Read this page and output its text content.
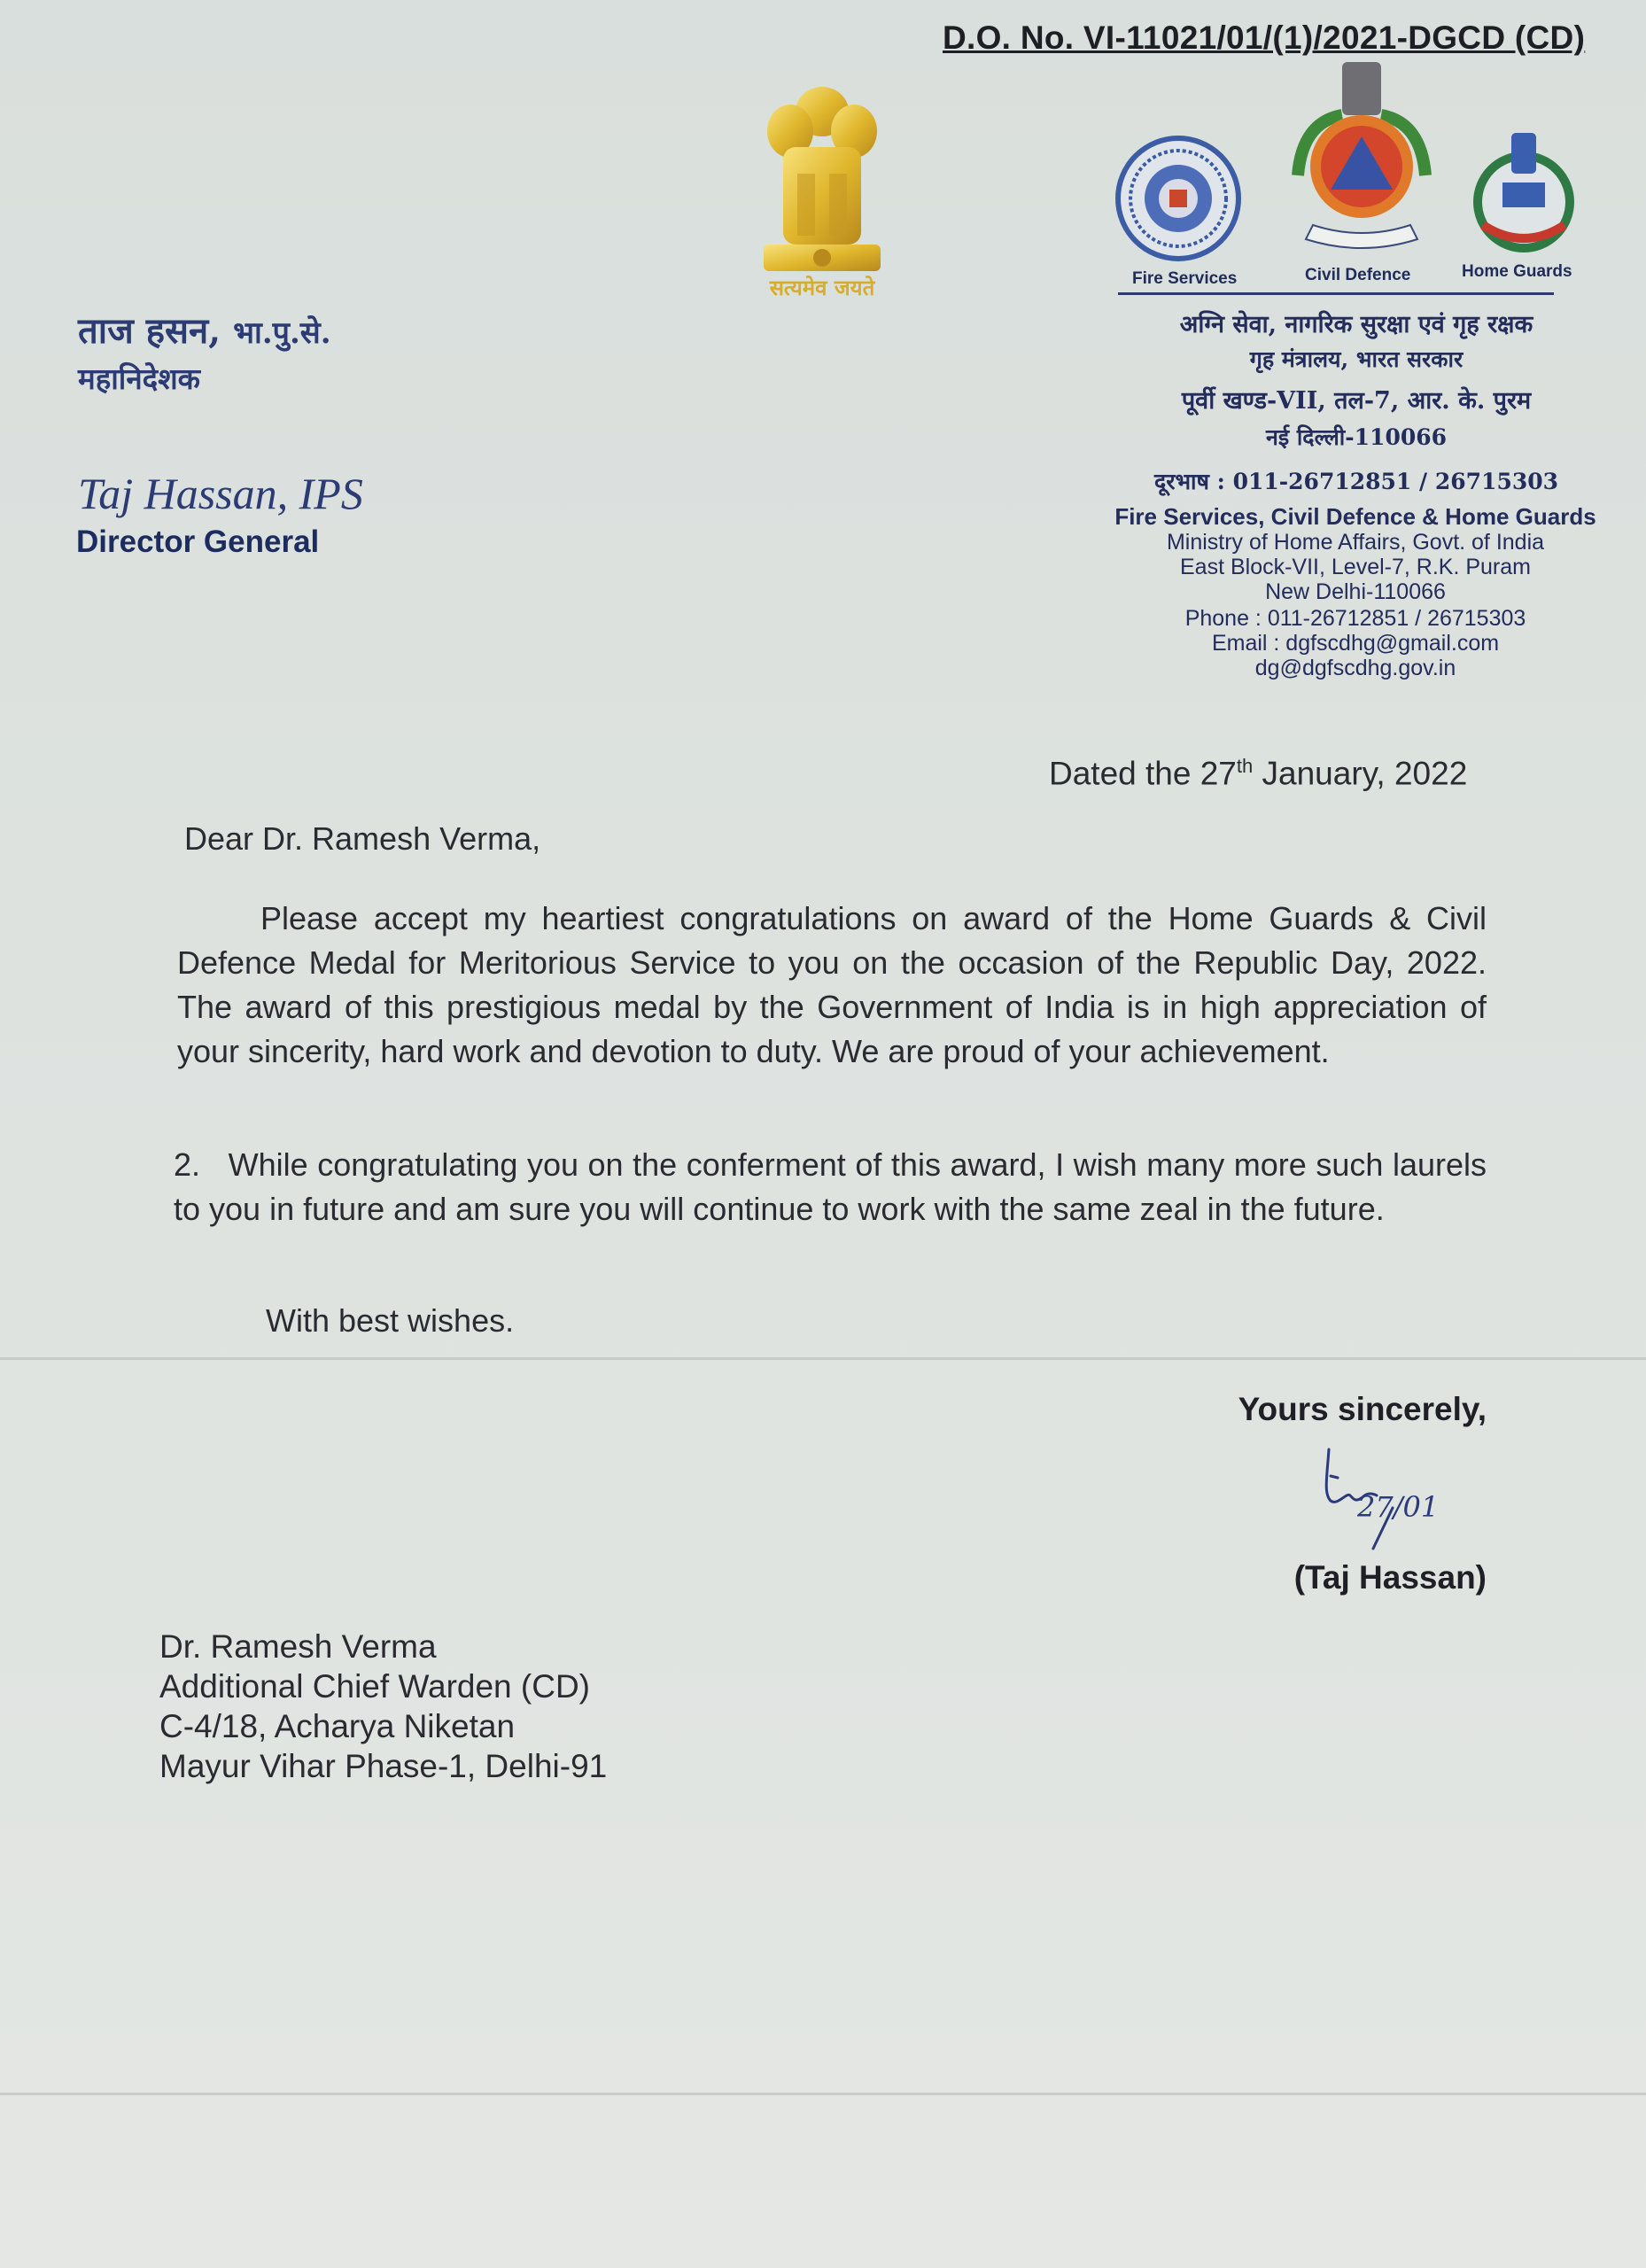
D.O. No. VI-11021/01/(1)/2021-DGCD (CD)
सत्यमेव जयते	Fire Services	Civil Defence	Home Guards
ताज हसन, भा.पु.से.
महानिदेशक
Taj Hassan, IPS
Director General
अग्नि सेवा, नागरिक सुरक्षा एवं गृह रक्षक
गृह मंत्रालय, भारत सरकार
पूर्वी खण्ड-VII, तल-7, आर. के. पुरम
नई दिल्ली-110066
दूरभाष : 011-26712851 / 26715303
Fire Services, Civil Defence & Home Guards
Ministry of Home Affairs, Govt. of India
East Block-VII, Level-7, R.K. Puram
New Delhi-110066
Phone : 011-26712851 / 26715303
Email : dgfscdhg@gmail.com
dg@dgfscdhg.gov.in
Dated the 27th January, 2022
Dear Dr. Ramesh Verma,
Please accept my heartiest congratulations on award of the Home Guards & Civil Defence Medal for Meritorious Service to you on the occasion of the Republic Day, 2022. The award of this prestigious medal by the Government of India is in high appreciation of your sincerity, hard work and devotion to duty. We are proud of your achievement.
2.   While congratulating you on the conferment of this award, I wish many more such laurels to you in future and am sure you will continue to work with the same zeal in the future.
With best wishes.
Yours sincerely,
27/01
(Taj Hassan)
Dr. Ramesh Verma
Additional Chief Warden (CD)
C-4/18, Acharya Niketan
Mayur Vihar Phase-1, Delhi-91
